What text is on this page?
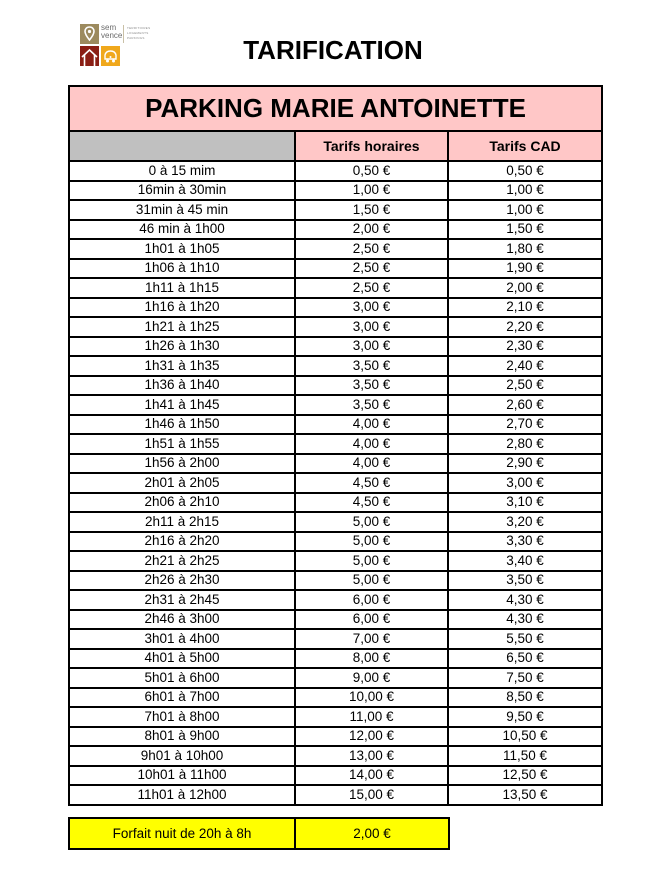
sem
vence
TERRITOIRES
LOGEMENTS
PARKINGS	TARIFICATION
PARKING MARIE ANTOINETTE		
	Tarifs horaires	Tarifs CAD
0 à 15 mim	0,50 €	0,50 €
16min à 30min	1,00 €	1,00 €
31min à 45 min	1,50 €	1,00 €
46 min à 1h00	2,00 €	1,50 €
1h01 à 1h05	2,50 €	1,80 €
1h06 à 1h10	2,50 €	1,90 €
1h11 à 1h15	2,50 €	2,00 €
1h16 à 1h20	3,00 €	2,10 €
1h21 à 1h25	3,00 €	2,20 €
1h26 à 1h30	3,00 €	2,30 €
1h31 à 1h35	3,50 €	2,40 €
1h36 à 1h40	3,50 €	2,50 €
1h41 à 1h45	3,50 €	2,60 €
1h46 à 1h50	4,00 €	2,70 €
1h51 à 1h55	4,00 €	2,80 €
1h56 à 2h00	4,00 €	2,90 €
2h01 à 2h05	4,50 €	3,00 €
2h06 à 2h10	4,50 €	3,10 €
2h11 à 2h15	5,00 €	3,20 €
2h16 à 2h20	5,00 €	3,30 €
2h21 à 2h25	5,00 €	3,40 €
2h26 à 2h30	5,00 €	3,50 €
2h31 à 2h45	6,00 €	4,30 €
2h46 à 3h00	6,00 €	4,30 €
3h01 à 4h00	7,00 €	5,50 €
4h01 à 5h00	8,00 €	6,50 €
5h01 à 6h00	9,00 €	7,50 €
6h01 à 7h00	10,00 €	8,50 €
7h01 à 8h00	11,00 €	9,50 €
8h01 à 9h00	12,00 €	10,50 €
9h01 à 10h00	13,00 €	11,50 €
10h01 à 11h00	14,00 €	12,50 €
11h01 à 12h00	15,00 €	13,50 €
Forfait nuit de 20h à 8h	2,00 €
